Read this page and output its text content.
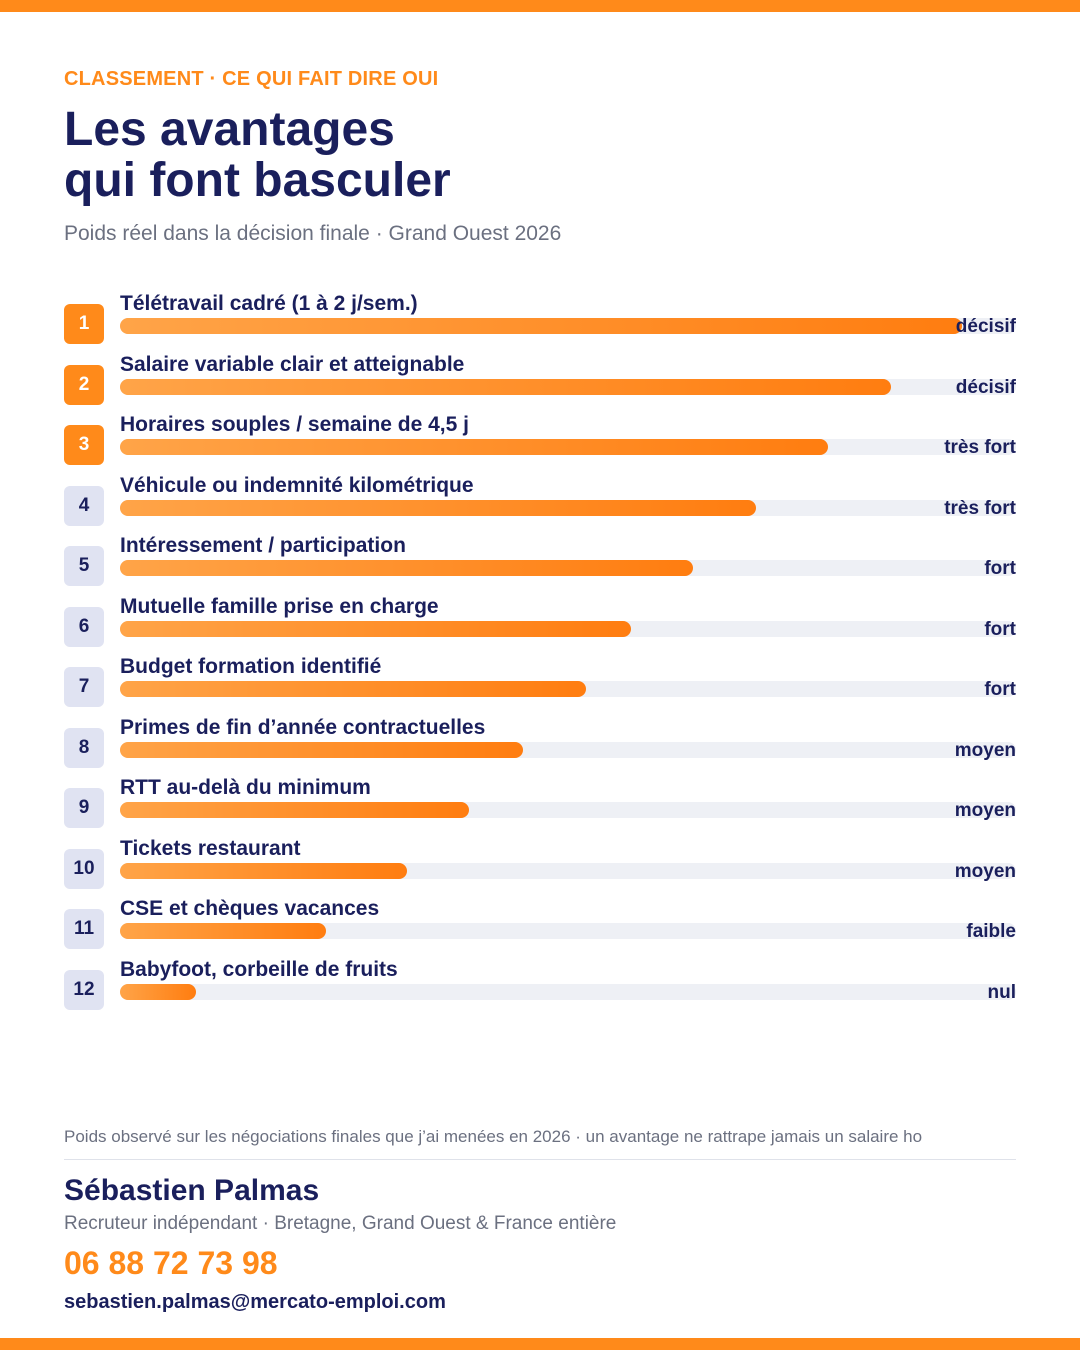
CLASSEMENT · CE QUI FAIT DIRE OUI
Les avantages
qui font basculer
Poids réel dans la décision finale · Grand Ouest 2026
1
Télétravail cadré (1 à 2 j/sem.)
décisif
2
Salaire variable clair et atteignable
décisif
3
Horaires souples / semaine de 4,5 j
très fort
4
Véhicule ou indemnité kilométrique
très fort
5
Intéressement / participation
fort
6
Mutuelle famille prise en charge
fort
7
Budget formation identifié
fort
8
Primes de fin d’année contractuelles
moyen
9
RTT au-delà du minimum
moyen
10
Tickets restaurant
moyen
11
CSE et chèques vacances
faible
12
Babyfoot, corbeille de fruits
nul
Poids observé sur les négociations finales que j’ai menées en 2026 · un avantage ne rattrape jamais un salaire ho
Sébastien Palmas
Recruteur indépendant · Bretagne, Grand Ouest & France entière
06 88 72 73 98
sebastien.palmas@mercato-emploi.com
